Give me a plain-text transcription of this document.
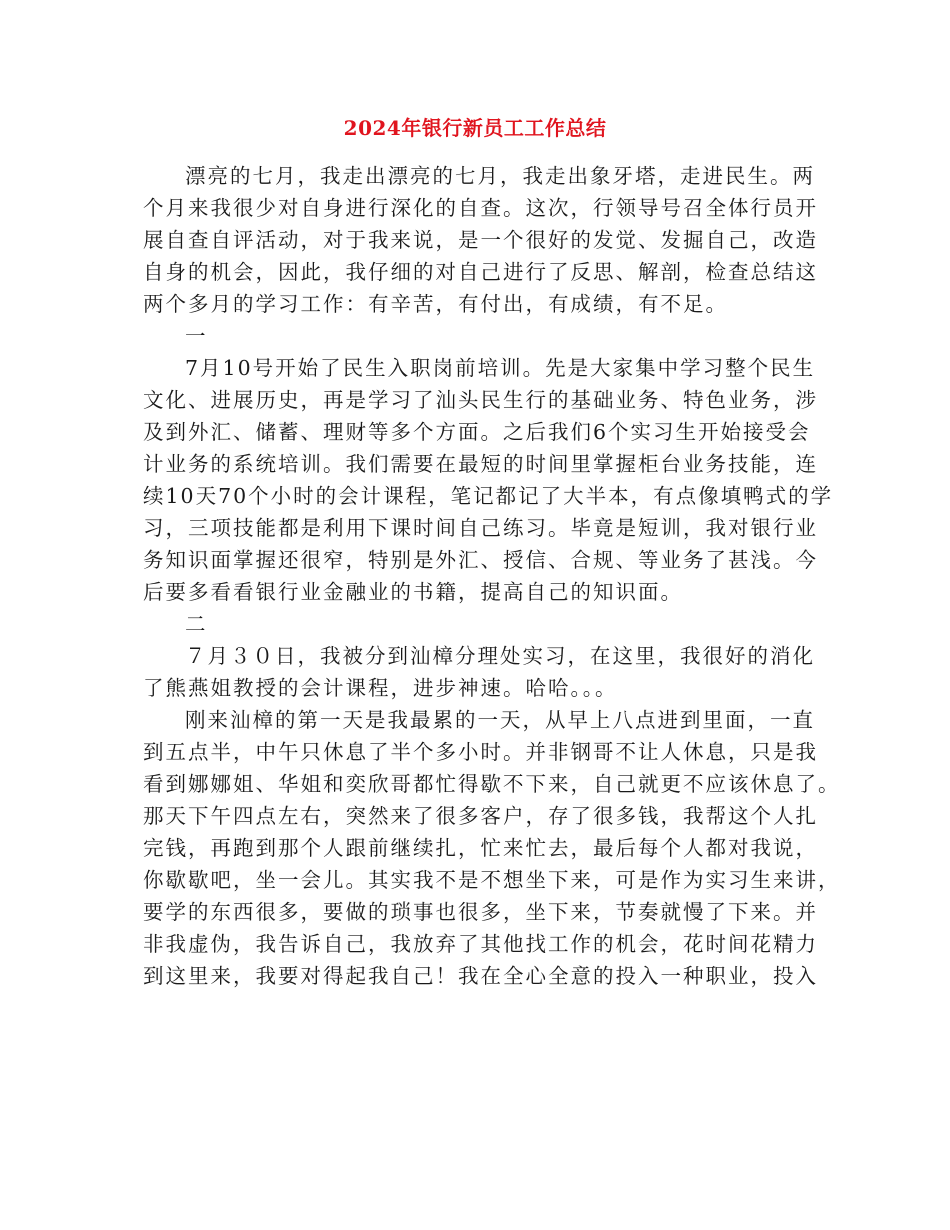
2024年银行新员工工作总结
漂亮的七月，我走出漂亮的七月，我走出象牙塔，走进民生。两
个月来我很少对自身进行深化的自查。这次，行领导号召全体行员开
展自查自评活动，对于我来说，是一个很好的发觉、发掘自己，改造
自身的机会，因此，我仔细的对自己进行了反思、解剖，检查总结这
两个多月的学习工作：有辛苦，有付出，有成绩，有不足。
一
7月10号开始了民生入职岗前培训。先是大家集中学习整个民生
文化、进展历史，再是学习了汕头民生行的基础业务、特色业务，涉
及到外汇、储蓄、理财等多个方面。之后我们6个实习生开始接受会
计业务的系统培训。我们需要在最短的时间里掌握柜台业务技能，连
续10天70个小时的会计课程，笔记都记了大半本，有点像填鸭式的学
习，三项技能都是利用下课时间自己练习。毕竟是短训，我对银行业
务知识面掌握还很窄，特别是外汇、授信、合规、等业务了甚浅。今
后要多看看银行业金融业的书籍，提高自己的知识面。
二
７月３０日，我被分到汕樟分理处实习，在这里，我很好的消化
了熊燕姐教授的会计课程，进步神速。哈哈。。。
刚来汕樟的第一天是我最累的一天，从早上八点进到里面，一直
到五点半，中午只休息了半个多小时。并非钢哥不让人休息，只是我
看到娜娜姐、华姐和奕欣哥都忙得歇不下来，自己就更不应该休息了。
那天下午四点左右，突然来了很多客户，存了很多钱，我帮这个人扎
完钱，再跑到那个人跟前继续扎，忙来忙去，最后每个人都对我说，
你歇歇吧，坐一会儿。其实我不是不想坐下来，可是作为实习生来讲，
要学的东西很多，要做的琐事也很多，坐下来，节奏就慢了下来。并
非我虚伪，我告诉自己，我放弃了其他找工作的机会，花时间花精力
到这里来，我要对得起我自己！我在全心全意的投入一种职业，投入
